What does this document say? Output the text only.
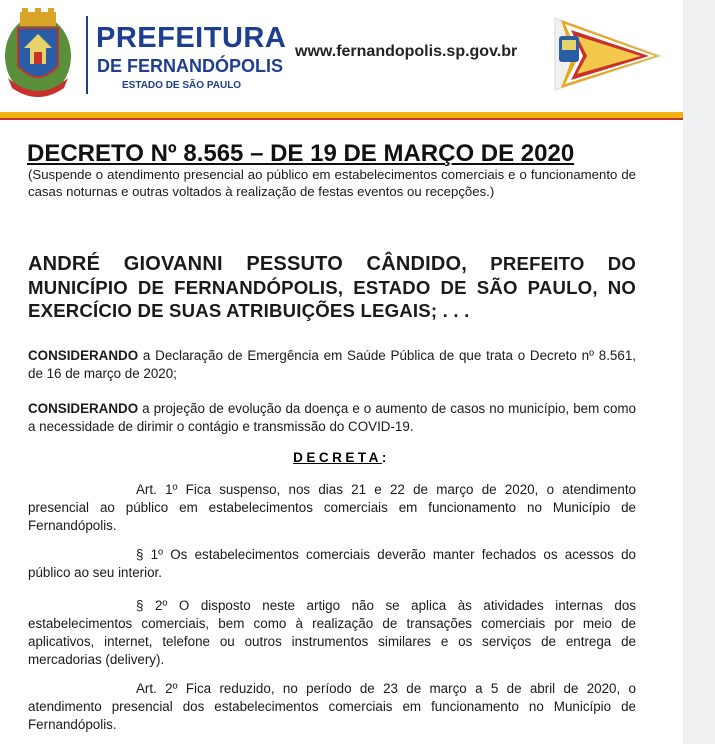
PREFEITURA
DE FERNANDÓPOLIS
ESTADO DE SÃO PAULO
www.fernandopolis.sp.gov.br
DECRETO Nº 8.565 – DE 19 DE MARÇO DE 2020
(Suspende o atendimento presencial ao público em estabelecimentos comerciais e o funcionamento de casas noturnas e outras voltados à realização de festas eventos ou recepções.)
ANDRÉ GIOVANNI PESSUTO CÂNDIDO, PREFEITO DO MUNICÍPIO DE FERNANDÓPOLIS, ESTADO DE SÃO PAULO, NO EXERCÍCIO DE SUAS ATRIBUIÇÕES LEGAIS; . . .
CONSIDERANDO a Declaração de Emergência em Saúde Pública de que trata o Decreto nº 8.561, de 16 de março de 2020;
CONSIDERANDO a projeção de evolução da doença e o aumento de casos no município, bem como a necessidade de dirimir o contágio e transmissão do COVID-19.
DECRETA:
Art. 1º Fica suspenso, nos dias 21 e 22 de março de 2020, o atendimento presencial ao público em estabelecimentos comerciais em funcionamento no Município de Fernandópolis.
§ 1º Os estabelecimentos comerciais deverão manter fechados os acessos do público ao seu interior.
§ 2º O disposto neste artigo não se aplica às atividades internas dos estabelecimentos comerciais, bem como à realização de transações comerciais por meio de aplicativos, internet, telefone ou outros instrumentos similares e os serviços de entrega de mercadorias (delivery).
Art. 2º Fica reduzido, no período de 23 de março a 5 de abril de 2020, o atendimento presencial dos estabelecimentos comerciais em funcionamento no Município de Fernandópolis.
